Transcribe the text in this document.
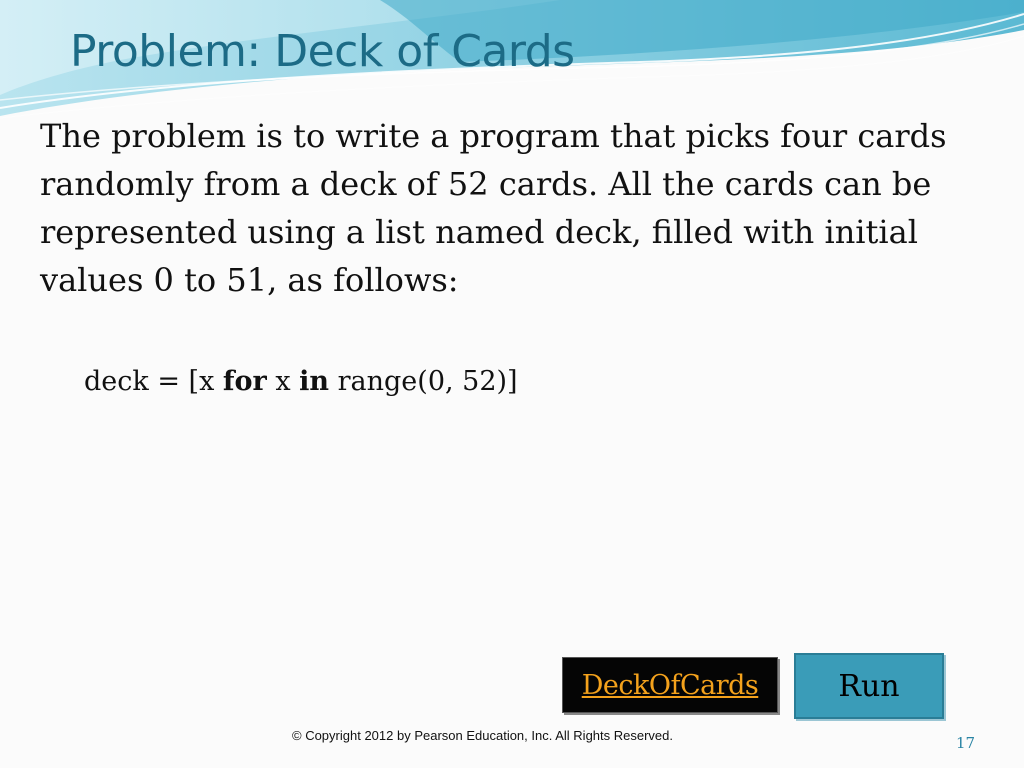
Problem: Deck of Cards
The problem is to write a program that picks four cards randomly from a deck of 52 cards. All the cards can be represented using a list named deck, filled with initial values 0 to 51, as follows:
deck = [x for x in range(0, 52)]
DeckOfCards	Run
© Copyright 2012 by Pearson Education, Inc. All Rights Reserved.	17
